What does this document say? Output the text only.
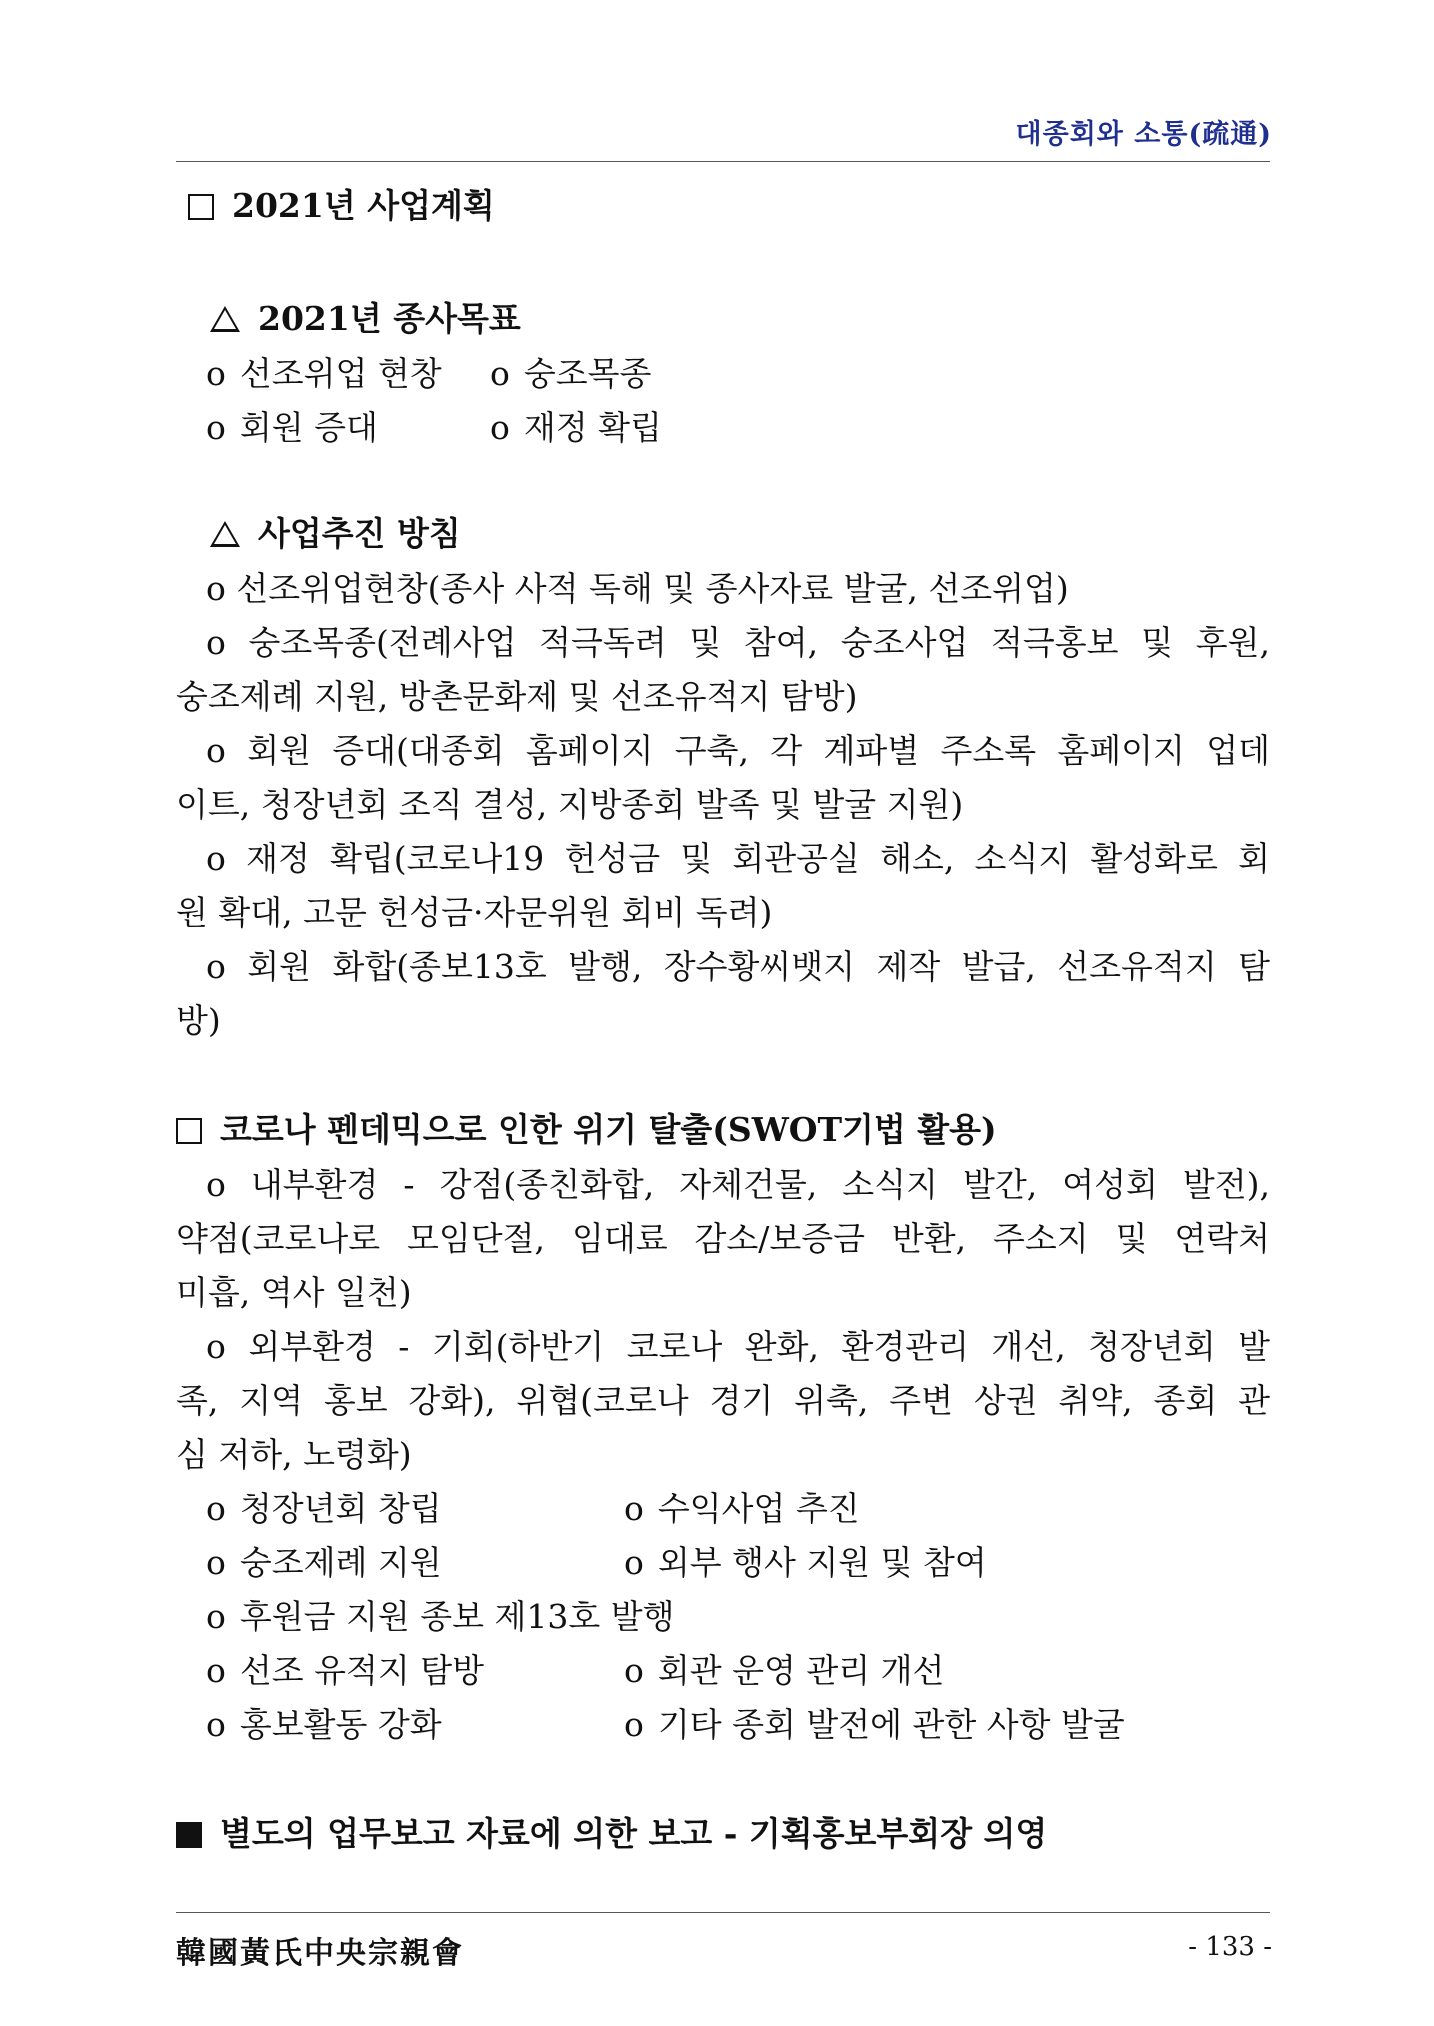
대종회와 소통(疏通)
2021년 사업계획
2021년 종사목표
o 선조위업 현창 o 숭조목종
o 회원 증대	o 재정 확립
사업추진 방침
o 선조위업현창(종사 사적 독해 및 종사자료 발굴, 선조위업)
o 숭조목종(전례사업 적극독려 및 참여, 숭조사업 적극홍보 및 후원,
숭조제례 지원, 방촌문화제 및 선조유적지 탐방)
o 회원 증대(대종회 홈페이지 구축, 각 계파별 주소록 홈페이지 업데
이트, 청장년회 조직 결성, 지방종회 발족 및 발굴 지원)
o 재정 확립(코로나19 헌성금 및 회관공실 해소, 소식지 활성화로 회
원 확대, 고문 헌성금·자문위원 회비 독려)
o 회원 화합(종보13호 발행, 장수황씨뱃지 제작 발급, 선조유적지 탐
방)
코로나 펜데믹으로 인한 위기 탈출(SWOT기법 활용)
o 내부환경 - 강점(종친화합, 자체건물, 소식지 발간, 여성회 발전),
약점(코로나로 모임단절, 임대료 감소/보증금 반환, 주소지 및 연락처
미흡, 역사 일천)
o 외부환경 - 기회(하반기 코로나 완화, 환경관리 개선, 청장년회 발
족, 지역 홍보 강화), 위협(코로나 경기 위축, 주변 상권 취약, 종회 관
심 저하, 노령화)
o 청장년회 창립	o 수익사업 추진
o 숭조제례 지원	o 외부 행사 지원 및 참여
o 후원금 지원 종보 제13호 발행
o 선조 유적지 탐방	o 회관 운영 관리 개선
o 홍보활동 강화	o 기타 종회 발전에 관한 사항 발굴
별도의 업무보고 자료에 의한 보고 - 기획홍보부회장 의영
韓國黃氏中央宗親會	- 133 -
